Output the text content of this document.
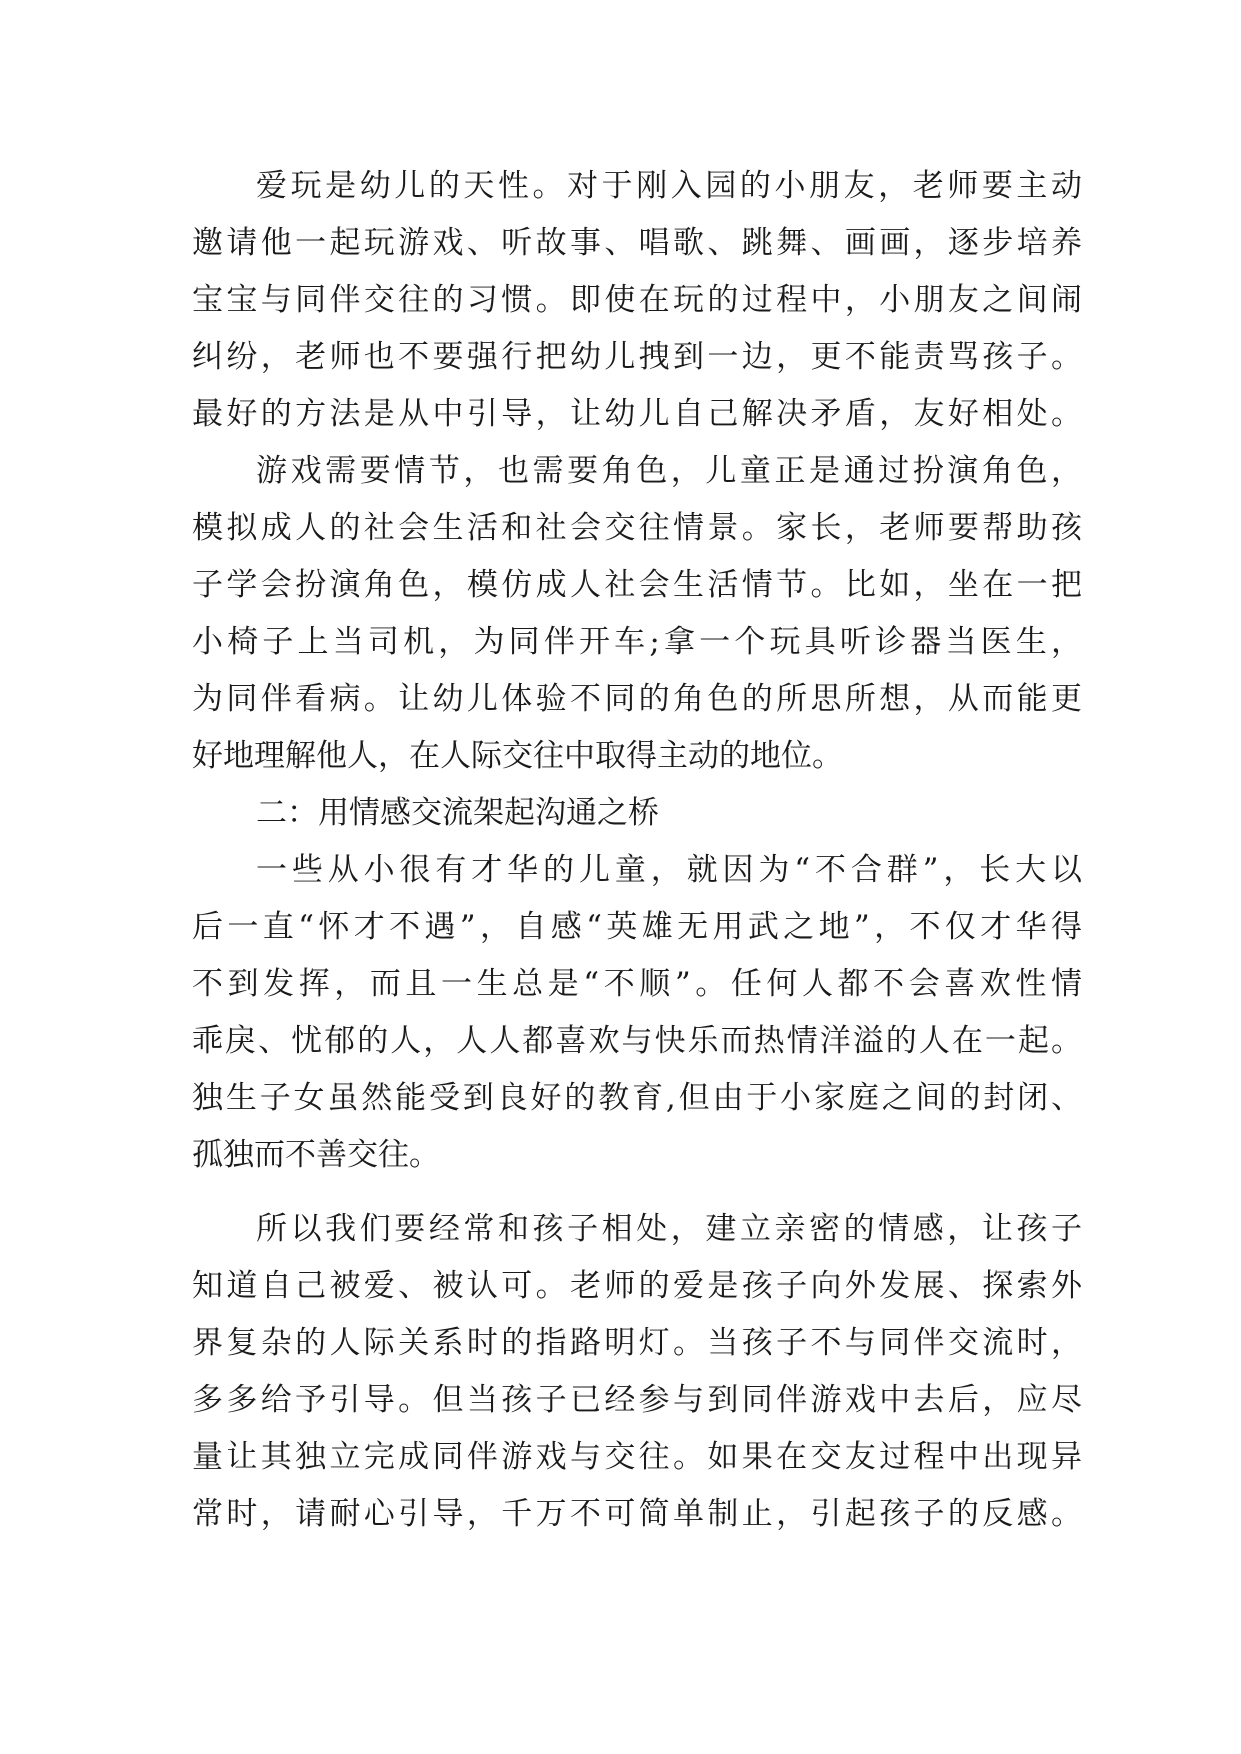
爱玩是幼儿的天性。对于刚入园的小朋友，老师要主动
邀请他一起玩游戏、听故事、唱歌、跳舞、画画，逐步培养
宝宝与同伴交往的习惯。即使在玩的过程中，小朋友之间闹
纠纷，老师也不要强行把幼儿拽到一边，更不能责骂孩子。
最好的方法是从中引导，让幼儿自己解决矛盾，友好相处。
游戏需要情节，也需要角色，儿童正是通过扮演角色，
模拟成人的社会生活和社会交往情景。家长，老师要帮助孩
子学会扮演角色，模仿成人社会生活情节。比如，坐在一把
小椅子上当司机，为同伴开车;拿一个玩具听诊器当医生，
为同伴看病。让幼儿体验不同的角色的所思所想，从而能更
好地理解他人，在人际交往中取得主动的地位。
二：用情感交流架起沟通之桥
一些从小很有才华的儿童，就因为“不合群”，长大以
后一直“怀才不遇”，自感“英雄无用武之地”，不仅才华得
不到发挥，而且一生总是“不顺”。任何人都不会喜欢性情
乖戾、忧郁的人，人人都喜欢与快乐而热情洋溢的人在一起。
独生子女虽然能受到良好的教育,但由于小家庭之间的封闭、
孤独而不善交往。
所以我们要经常和孩子相处，建立亲密的情感，让孩子
知道自己被爱、被认可。老师的爱是孩子向外发展、探索外
界复杂的人际关系时的指路明灯。当孩子不与同伴交流时，
多多给予引导。但当孩子已经参与到同伴游戏中去后，应尽
量让其独立完成同伴游戏与交往。如果在交友过程中出现异
常时，请耐心引导，千万不可简单制止，引起孩子的反感。
